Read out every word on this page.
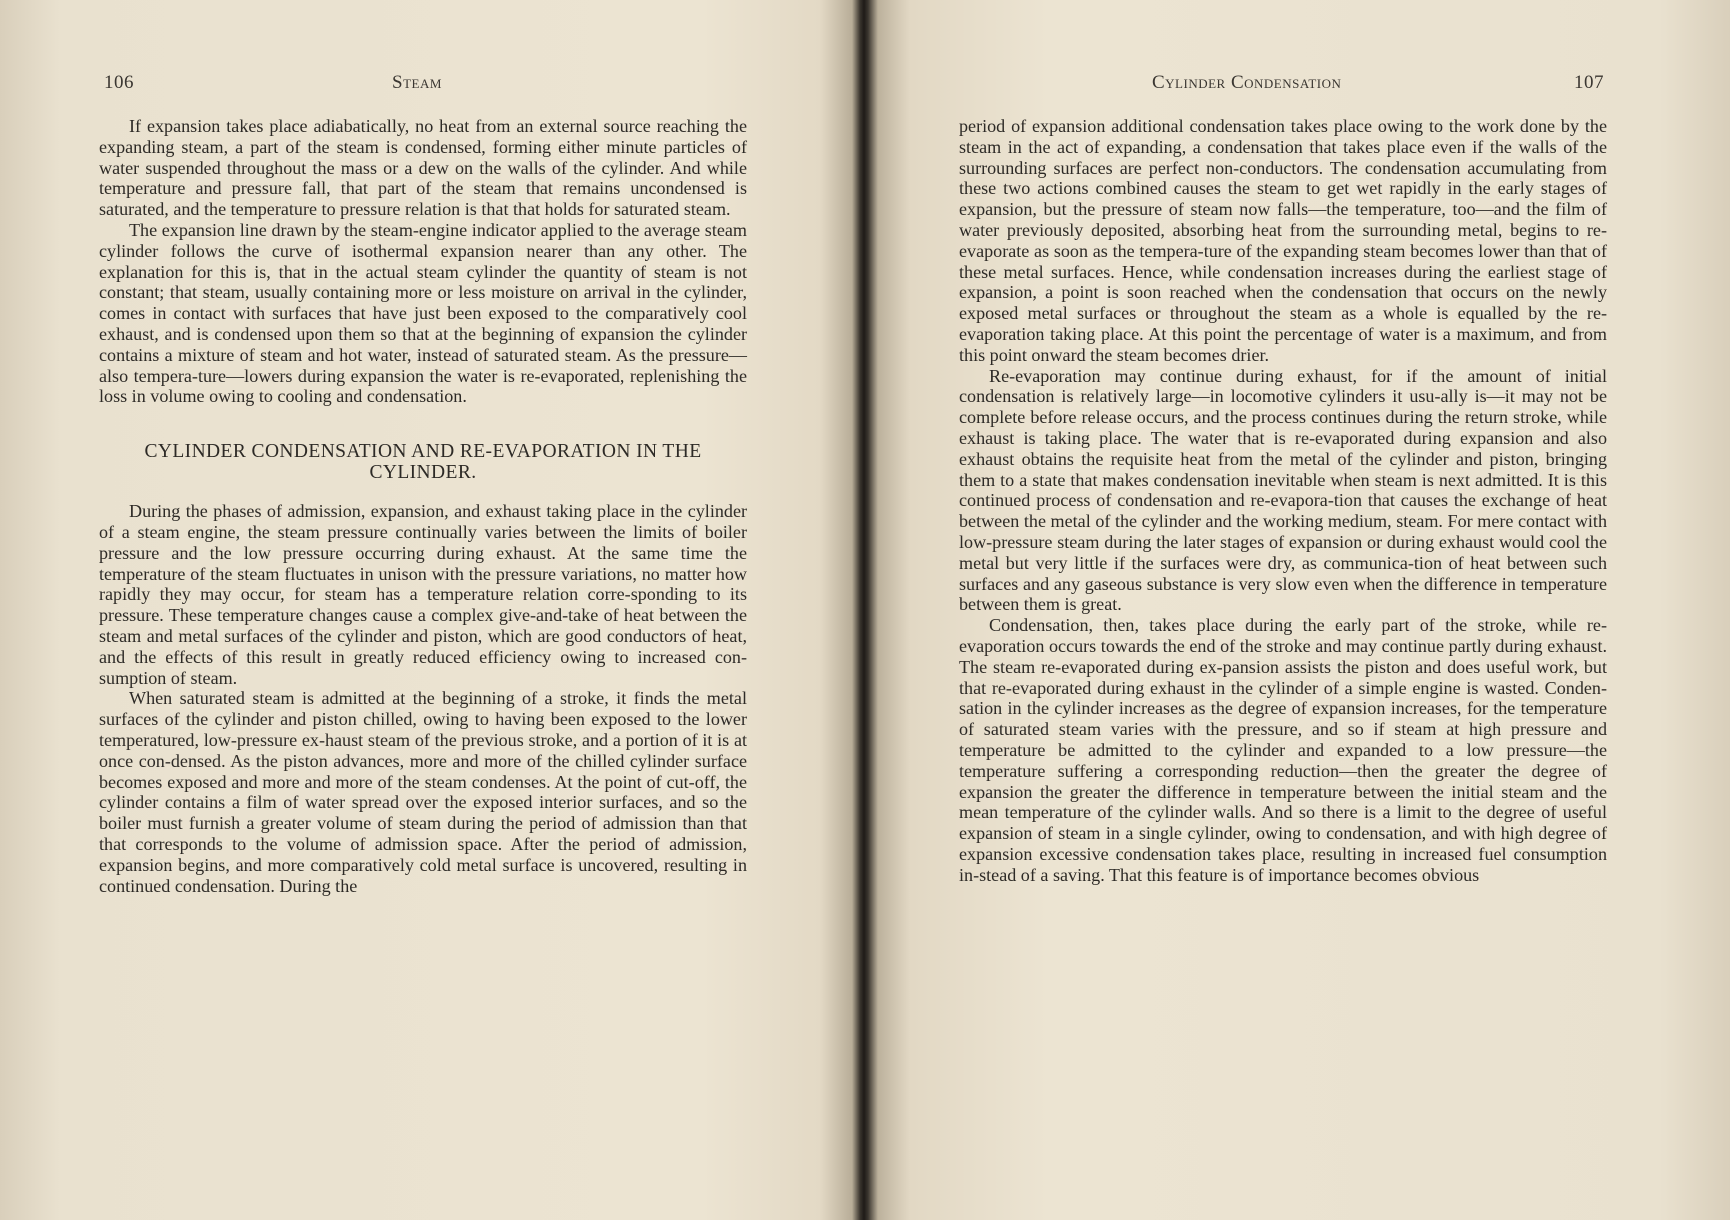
106	Steam

If expansion takes place adiabatically, no heat from an external source reaching the expanding steam, a part of the steam is condensed, forming either minute particles of water suspended throughout the mass or a dew on the walls of the cylinder. And while temperature and pressure fall, that part of the steam that remains uncondensed is saturated, and the temperature to pressure relation is that that holds for saturated steam.

The expansion line drawn by the steam-engine indicator applied to the average steam cylinder follows the curve of isothermal expansion nearer than any other. The explanation for this is, that in the actual steam cylinder the quantity of steam is not constant; that steam, usually containing more or less moisture on arrival in the cylinder, comes in contact with surfaces that have just been exposed to the comparatively cool exhaust, and is condensed upon them so that at the beginning of expansion the cylinder contains a mixture of steam and hot water, instead of saturated steam. As the pressure—also tempera-ture—lowers during expansion the water is re-evaporated, replenishing the loss in volume owing to cooling and condensation.

CYLINDER CONDENSATION AND RE-EVAPORATION IN THE CYLINDER.

During the phases of admission, expansion, and exhaust taking place in the cylinder of a steam engine, the steam pressure continually varies between the limits of boiler pressure and the low pressure occurring during exhaust. At the same time the temperature of the steam fluctuates in unison with the pressure variations, no matter how rapidly they may occur, for steam has a temperature relation corre-sponding to its pressure. These temperature changes cause a complex give-and-take of heat between the steam and metal surfaces of the cylinder and piston, which are good conductors of heat, and the effects of this result in greatly reduced efficiency owing to increased con-sumption of steam.

When saturated steam is admitted at the beginning of a stroke, it finds the metal surfaces of the cylinder and piston chilled, owing to having been exposed to the lower temperatured, low-pressure ex-haust steam of the previous stroke, and a portion of it is at once con-densed. As the piston advances, more and more of the chilled cylinder surface becomes exposed and more and more of the steam condenses. At the point of cut-off, the cylinder contains a film of water spread over the exposed interior surfaces, and so the boiler must furnish a greater volume of steam during the period of admission than that that corresponds to the volume of admission space. After the period of admission, expansion begins, and more comparatively cold metal surface is uncovered, resulting in continued condensation. During the

Cylinder Condensation	107

period of expansion additional condensation takes place owing to the work done by the steam in the act of expanding, a condensation that takes place even if the walls of the surrounding surfaces are perfect non-conductors. The condensation accumulating from these two actions combined causes the steam to get wet rapidly in the early stages of expansion, but the pressure of steam now falls—the temperature, too—and the film of water previously deposited, absorbing heat from the surrounding metal, begins to re-evaporate as soon as the tempera-ture of the expanding steam becomes lower than that of these metal surfaces. Hence, while condensation increases during the earliest stage of expansion, a point is soon reached when the condensation that occurs on the newly exposed metal surfaces or throughout the steam as a whole is equalled by the re-evaporation taking place. At this point the percentage of water is a maximum, and from this point onward the steam becomes drier.

Re-evaporation may continue during exhaust, for if the amount of initial condensation is relatively large—in locomotive cylinders it usu-ally is—it may not be complete before release occurs, and the process continues during the return stroke, while exhaust is taking place. The water that is re-evaporated during expansion and also exhaust obtains the requisite heat from the metal of the cylinder and piston, bringing them to a state that makes condensation inevitable when steam is next admitted. It is this continued process of condensation and re-evapora-tion that causes the exchange of heat between the metal of the cylinder and the working medium, steam. For mere contact with low-pressure steam during the later stages of expansion or during exhaust would cool the metal but very little if the surfaces were dry, as communica-tion of heat between such surfaces and any gaseous substance is very slow even when the difference in temperature between them is great.

Condensation, then, takes place during the early part of the stroke, while re-evaporation occurs towards the end of the stroke and may continue partly during exhaust. The steam re-evaporated during ex-pansion assists the piston and does useful work, but that re-evaporated during exhaust in the cylinder of a simple engine is wasted. Conden-sation in the cylinder increases as the degree of expansion increases, for the temperature of saturated steam varies with the pressure, and so if steam at high pressure and temperature be admitted to the cylinder and expanded to a low pressure—the temperature suffering a corresponding reduction—then the greater the degree of expansion the greater the difference in temperature between the initial steam and the mean temperature of the cylinder walls. And so there is a limit to the degree of useful expansion of steam in a single cylinder, owing to condensation, and with high degree of expansion excessive condensation takes place, resulting in increased fuel consumption in-stead of a saving. That this feature is of importance becomes obvious
